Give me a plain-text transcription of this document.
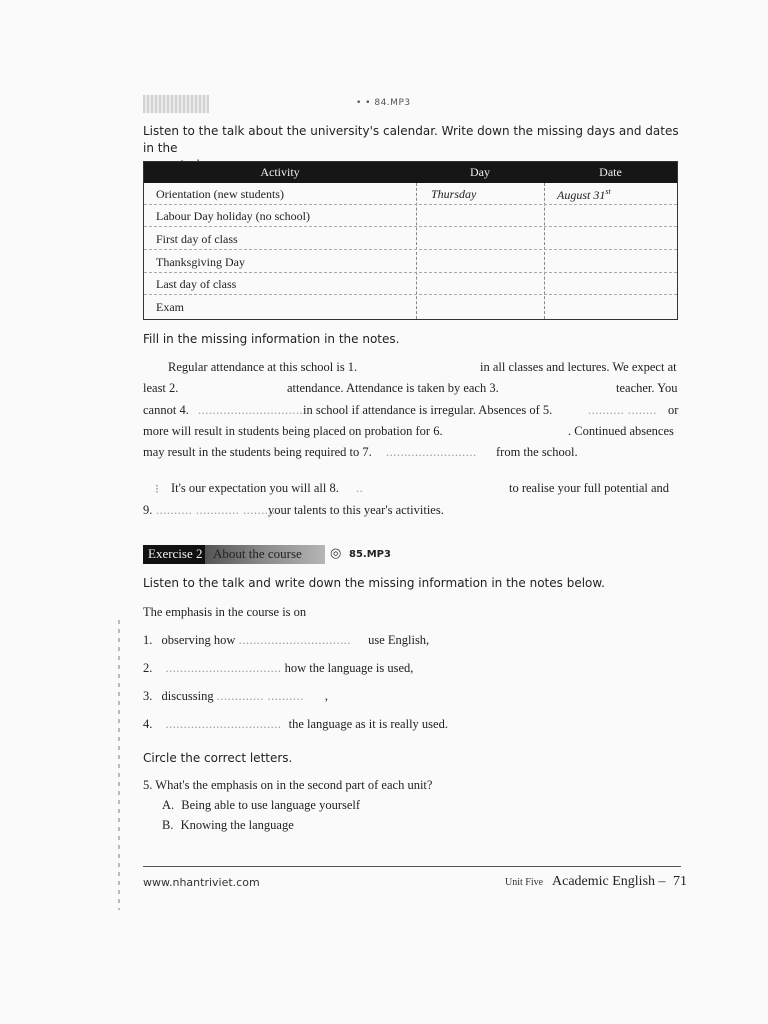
• • 84.MP3
Listen to the talk about the university's calendar. Write down the missing days and dates in the
Activity	Day	Date
Orientation (new students)	Thursday	August 31st
Labour Day holiday (no school)
First day of class
Thanksgiving Day
Last day of class
Exam
Fill in the missing information in the notes.
Regular attendance at this school is 1.	in all classes and lectures. We expect at
least 2.	attendance. Attendance is taken by each 3.	teacher. You
cannot 4. ............................. in school if attendance is irregular. Absences of 5.	.......... ........ or
more will result in students being placed on probation for 6.	. Continued absences
may result in the students being required to 7. ......................... from the school.
⁝ It's our expectation you will all 8. ..	to realise your full potential and
9. .......... ............ ..........
your talents to this year's activities.
Exercise 2 About the course ◎ 85.MP3
Listen to the talk and write down the missing information in the notes below.
The emphasis in the course is on
1. observing how ............................... use English,
2. ................................ how the language is used,
3. discussing ............. .......... ,
4. ................................ the language as it is really used.
Circle the correct letters.
5. What's the emphasis on in the second part of each unit?
A. Being able to use language yourself
B. Knowing the language
www.nhantriviet.com	Unit Five Academic English – 71
